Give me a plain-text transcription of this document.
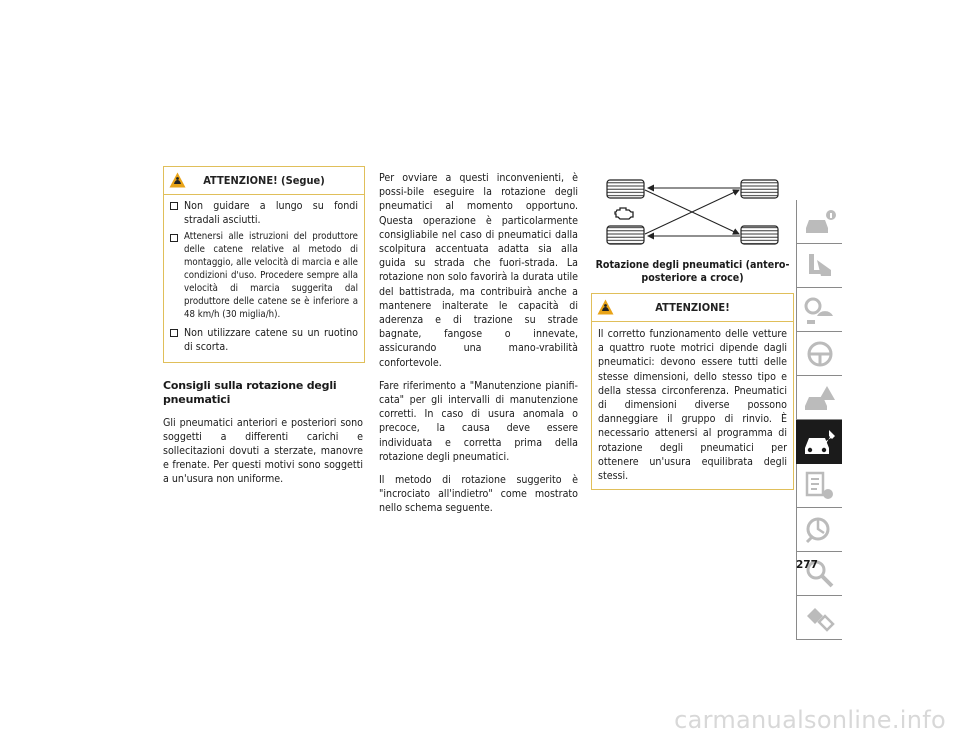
ATTENZIONE! (Segue)
Non guidare a lungo su fondi stradali asciutti.
Attenersi alle istruzioni del produttore delle catene relative al metodo di montaggio, alle velocità di marcia e alle condizioni d'uso. Procedere sempre alla velocità di marcia suggerita dal produttore delle catene se è inferiore a 48 km/h (30 miglia/h).
Non utilizzare catene su un ruotino di scorta.
Consigli sulla rotazione degli pneumatici

Gli pneumatici anteriori e posteriori sono soggetti a differenti carichi e sollecitazioni dovuti a sterzate, manovre e frenate. Per questi motivi sono soggetti a un'usura non uniforme.

Per ovviare a questi inconvenienti, è possi-bile eseguire la rotazione degli pneumatici al momento opportuno. Questa operazione è particolarmente consigliabile nel caso di pneumatici dalla scolpitura accentuata adatta sia alla guida su strada che fuori-strada. La rotazione non solo favorirà la durata utile del battistrada, ma contribuirà anche a mantenere inalterate le capacità di aderenza e di trazione su strade bagnate, fangose o innevate, assicurando una mano-vrabilità confortevole.

Fare riferimento a "Manutenzione pianifi-cata" per gli intervalli di manutenzione corretti. In caso di usura anomala o precoce, la causa deve essere individuata e corretta prima della rotazione degli pneumatici.

Il metodo di rotazione suggerito è "incrociato all'indietro" come mostrato nello schema seguente.

Rotazione degli pneumatici (antero-posteriore a croce)
ATTENZIONE!
Il corretto funzionamento delle vetture a quattro ruote motrici dipende dagli pneumatici: devono essere tutti delle stesse dimensioni, dello stesso tipo e della stessa circonferenza. Pneumatici di dimensioni diverse possono danneggiare il gruppo di rinvio. È necessario attenersi al programma di rotazione degli pneumatici per ottenere un'usura equilibrata degli stessi.
277
carmanualsonline.info
